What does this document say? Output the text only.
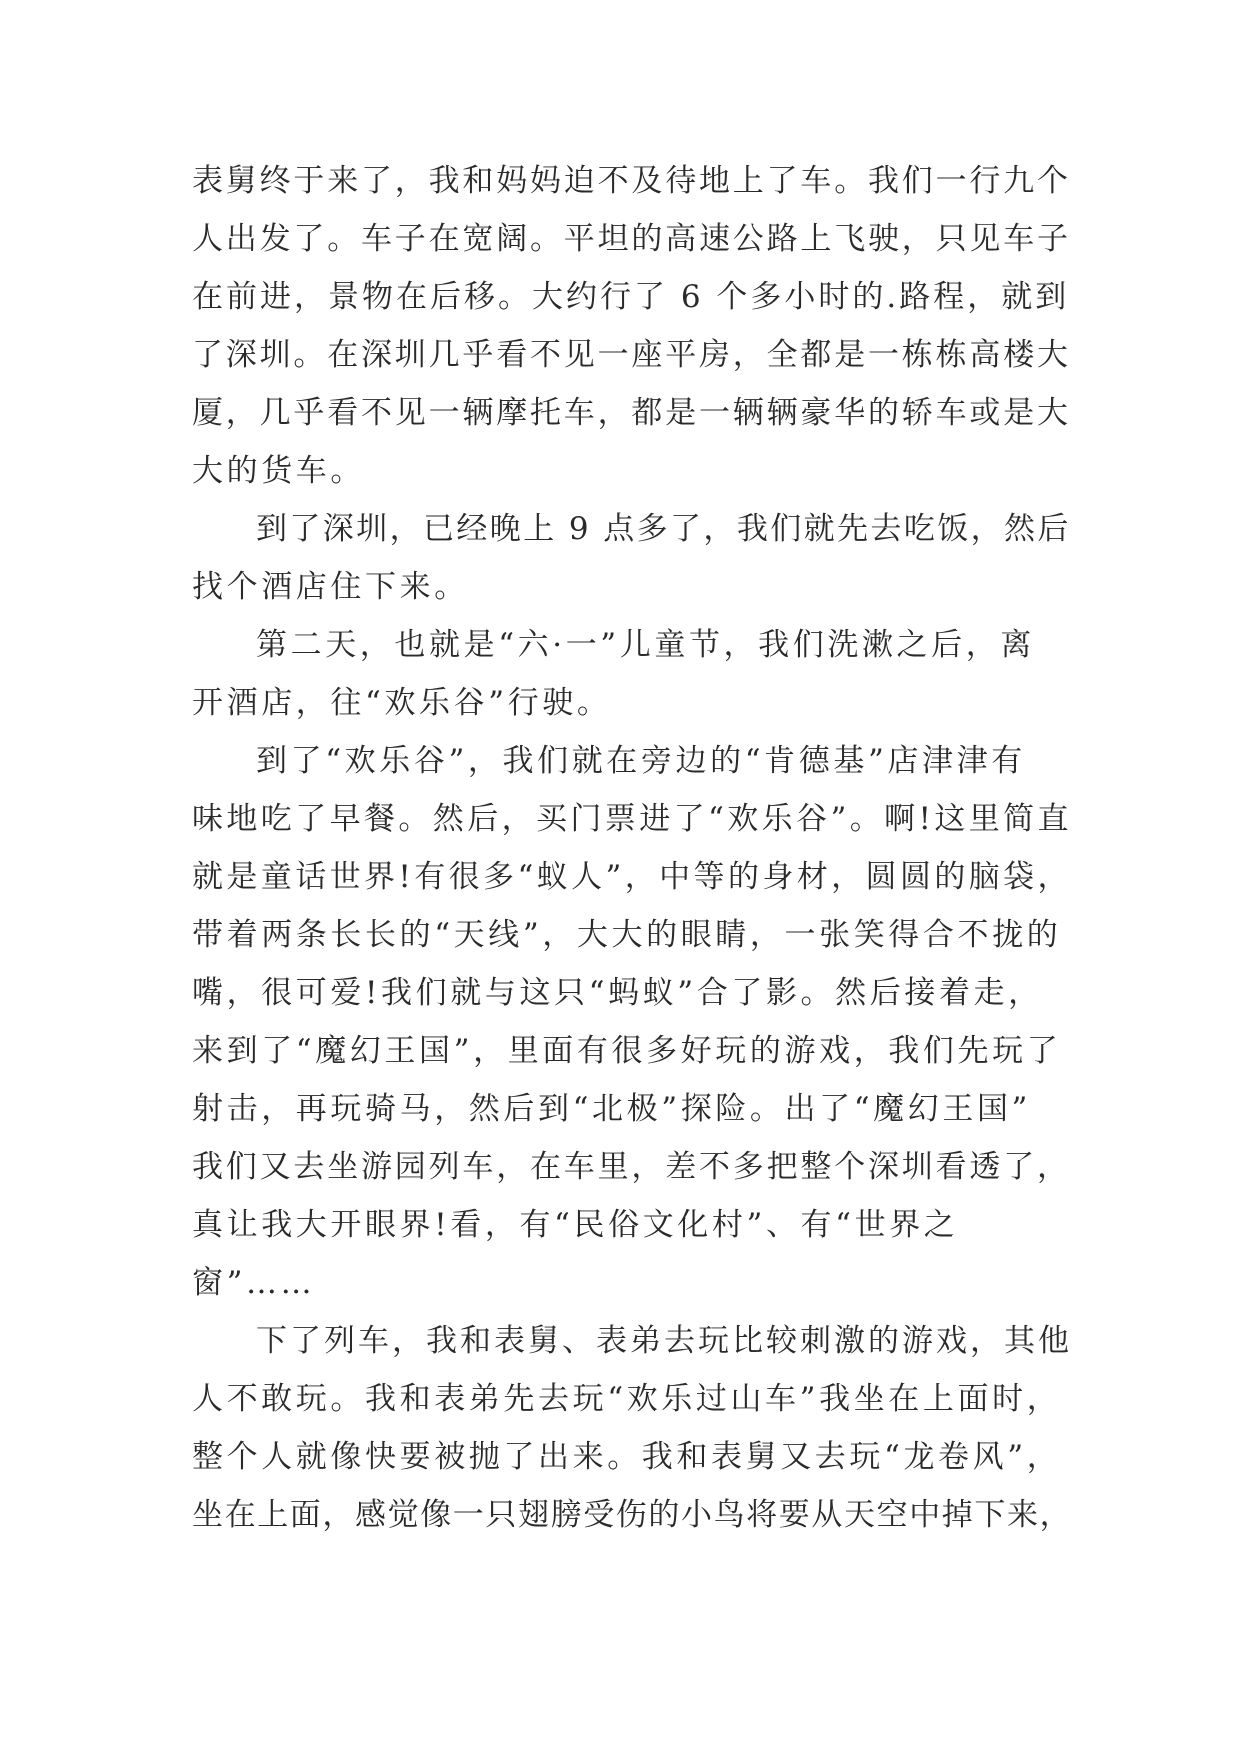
表舅终于来了，我和妈妈迫不及待地上了车。我们一行九个
人出发了。车子在宽阔。平坦的高速公路上飞驶，只见车子
在前进，景物在后移。大约行了 6 个多小时的.路程，就到
了深圳。在深圳几乎看不见一座平房，全都是一栋栋高楼大
厦，几乎看不见一辆摩托车，都是一辆辆豪华的轿车或是大
大的货车。
到了深圳，已经晚上 9 点多了，我们就先去吃饭，然后
找个酒店住下来。
第二天，也就是“六·一”儿童节，我们洗漱之后，离
开酒店，往“欢乐谷”行驶。
到了“欢乐谷”，我们就在旁边的“肯德基”店津津有
味地吃了早餐。然后，买门票进了“欢乐谷”。啊!这里简直
就是童话世界!有很多“蚁人”，中等的身材，圆圆的脑袋，
带着两条长长的“天线”，大大的眼睛，一张笑得合不拢的
嘴，很可爱!我们就与这只“蚂蚁”合了影。然后接着走，
来到了“魔幻王国”，里面有很多好玩的游戏，我们先玩了
射击，再玩骑马，然后到“北极”探险。出了“魔幻王国”
我们又去坐游园列车，在车里，差不多把整个深圳看透了，
真让我大开眼界!看，有“民俗文化村”、有“世界之
窗”……
下了列车，我和表舅、表弟去玩比较刺激的游戏，其他
人不敢玩。我和表弟先去玩“欢乐过山车”我坐在上面时，
整个人就像快要被抛了出来。我和表舅又去玩“龙卷风”，
坐在上面，感觉像一只翅膀受伤的小鸟将要从天空中掉下来，
